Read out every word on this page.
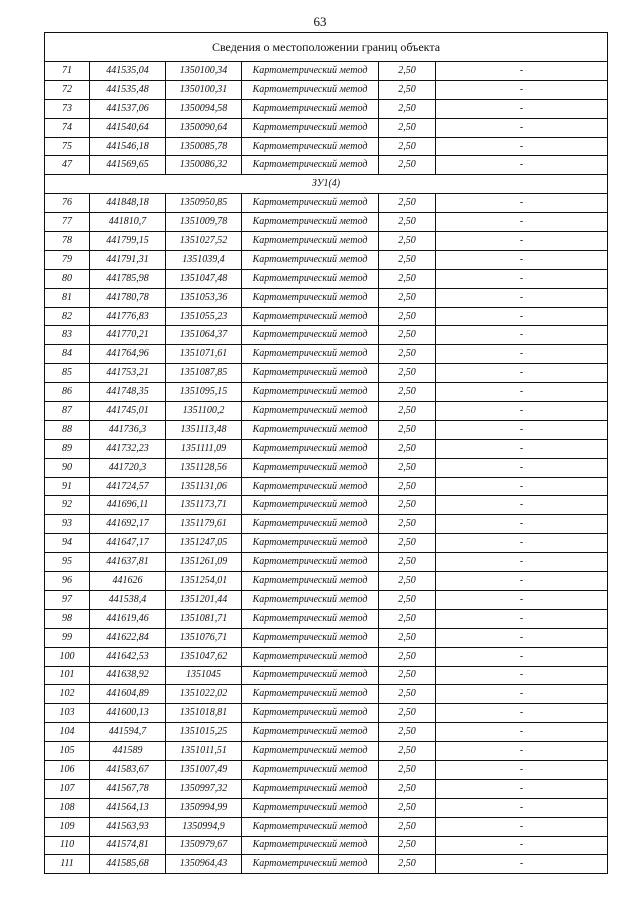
63
Сведения о местоположении границ объекта					
71	441535,04	1350100,34	Картометрический метод	2,50	-
72	441535,48	1350100,31	Картометрический метод	2,50	-
73	441537,06	1350094,58	Картометрический метод	2,50	-
74	441540,64	1350090,64	Картометрический метод	2,50	-
75	441546,18	1350085,78	Картометрический метод	2,50	-
47	441569,65	1350086,32	Картометрический метод	2,50	-
ЗУ1(4)					
76	441848,18	1350950,85	Картометрический метод	2,50	-
77	441810,7	1351009,78	Картометрический метод	2,50	-
78	441799,15	1351027,52	Картометрический метод	2,50	-
79	441791,31	1351039,4	Картометрический метод	2,50	-
80	441785,98	1351047,48	Картометрический метод	2,50	-
81	441780,78	1351053,36	Картометрический метод	2,50	-
82	441776,83	1351055,23	Картометрический метод	2,50	-
83	441770,21	1351064,37	Картометрический метод	2,50	-
84	441764,96	1351071,61	Картометрический метод	2,50	-
85	441753,21	1351087,85	Картометрический метод	2,50	-
86	441748,35	1351095,15	Картометрический метод	2,50	-
87	441745,01	1351100,2	Картометрический метод	2,50	-
88	441736,3	1351113,48	Картометрический метод	2,50	-
89	441732,23	1351111,09	Картометрический метод	2,50	-
90	441720,3	1351128,56	Картометрический метод	2,50	-
91	441724,57	1351131,06	Картометрический метод	2,50	-
92	441696,11	1351173,71	Картометрический метод	2,50	-
93	441692,17	1351179,61	Картометрический метод	2,50	-
94	441647,17	1351247,05	Картометрический метод	2,50	-
95	441637,81	1351261,09	Картометрический метод	2,50	-
96	441626	1351254,01	Картометрический метод	2,50	-
97	441538,4	1351201,44	Картометрический метод	2,50	-
98	441619,46	1351081,71	Картометрический метод	2,50	-
99	441622,84	1351076,71	Картометрический метод	2,50	-
100	441642,53	1351047,62	Картометрический метод	2,50	-
101	441638,92	1351045	Картометрический метод	2,50	-
102	441604,89	1351022,02	Картометрический метод	2,50	-
103	441600,13	1351018,81	Картометрический метод	2,50	-
104	441594,7	1351015,25	Картометрический метод	2,50	-
105	441589	1351011,51	Картометрический метод	2,50	-
106	441583,67	1351007,49	Картометрический метод	2,50	-
107	441567,78	1350997,32	Картометрический метод	2,50	-
108	441564,13	1350994,99	Картометрический метод	2,50	-
109	441563,93	1350994,9	Картометрический метод	2,50	-
110	441574,81	1350979,67	Картометрический метод	2,50	-
111	441585,68	1350964,43	Картометрический метод	2,50	-
